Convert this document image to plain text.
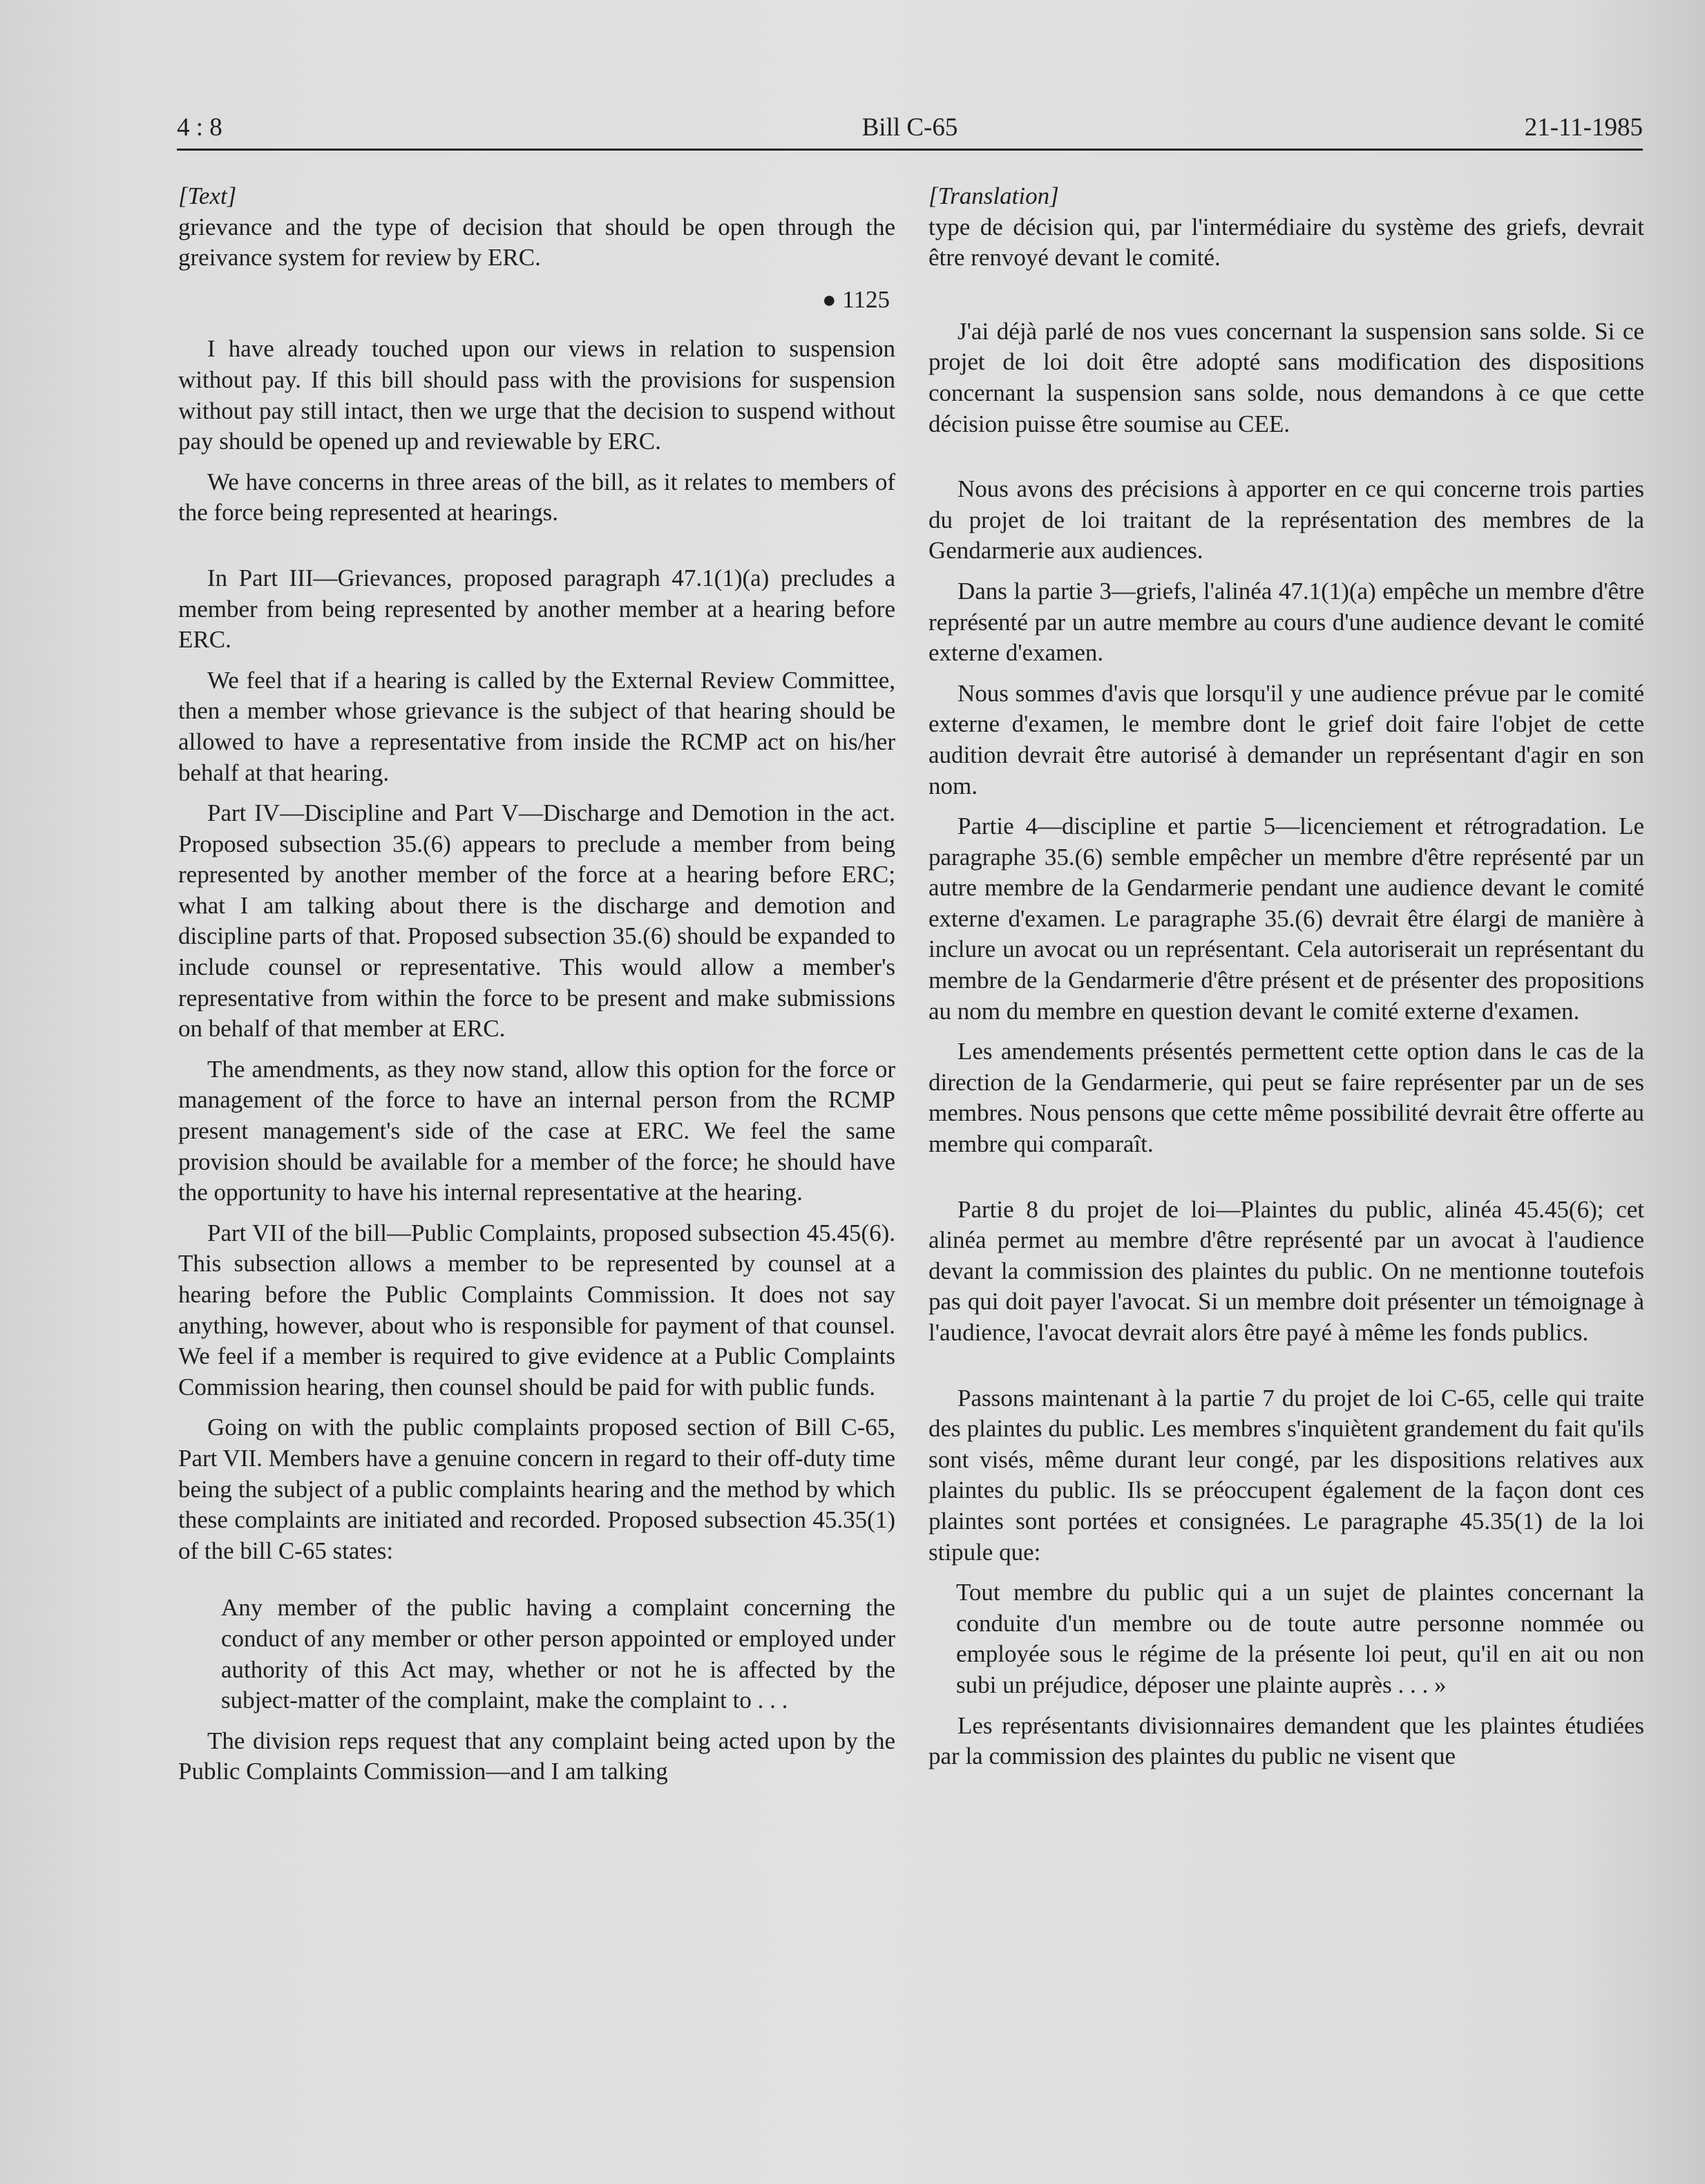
4 : 8	Bill C-65	21-11-1985
[Text]

grievance and the type of decision that should be open through the greivance system for review by ERC.

● 1125

I have already touched upon our views in relation to suspension without pay. If this bill should pass with the provisions for suspension without pay still intact, then we urge that the decision to suspend without pay should be opened up and reviewable by ERC.

We have concerns in three areas of the bill, as it relates to members of the force being represented at hearings.

In Part III—Grievances, proposed paragraph 47.1(1)(a) precludes a member from being represented by another member at a hearing before ERC.

We feel that if a hearing is called by the External Review Committee, then a member whose grievance is the subject of that hearing should be allowed to have a representative from inside the RCMP act on his/her behalf at that hearing.

Part IV—Discipline and Part V—Discharge and Demotion in the act. Proposed subsection 35.(6) appears to preclude a member from being represented by another member of the force at a hearing before ERC; what I am talking about there is the discharge and demotion and discipline parts of that. Proposed subsection 35.(6) should be expanded to include counsel or representative. This would allow a member's representative from within the force to be present and make submissions on behalf of that member at ERC.

The amendments, as they now stand, allow this option for the force or management of the force to have an internal person from the RCMP present management's side of the case at ERC. We feel the same provision should be available for a member of the force; he should have the opportunity to have his internal representative at the hearing.

Part VII of the bill—Public Complaints, proposed subsection 45.45(6). This subsection allows a member to be represented by counsel at a hearing before the Public Complaints Commission. It does not say anything, however, about who is responsible for payment of that counsel. We feel if a member is required to give evidence at a Public Complaints Commission hearing, then counsel should be paid for with public funds.

Going on with the public complaints proposed section of Bill C-65, Part VII. Members have a genuine concern in regard to their off-duty time being the subject of a public complaints hearing and the method by which these complaints are initiated and recorded. Proposed subsection 45.35(1) of the bill C-65 states:

Any member of the public having a complaint concerning the conduct of any member or other person appointed or employed under authority of this Act may, whether or not he is affected by the subject-matter of the complaint, make the complaint to . . .

The division reps request that any complaint being acted upon by the Public Complaints Commission—and I am talking

[Translation]

type de décision qui, par l'intermédiaire du système des griefs, devrait être renvoyé devant le comité.

J'ai déjà parlé de nos vues concernant la suspension sans solde. Si ce projet de loi doit être adopté sans modification des dispositions concernant la suspension sans solde, nous demandons à ce que cette décision puisse être soumise au CEE.

Nous avons des précisions à apporter en ce qui concerne trois parties du projet de loi traitant de la représentation des membres de la Gendarmerie aux audiences.

Dans la partie 3—griefs, l'alinéa 47.1(1)(a) empêche un membre d'être représenté par un autre membre au cours d'une audience devant le comité externe d'examen.

Nous sommes d'avis que lorsqu'il y une audience prévue par le comité externe d'examen, le membre dont le grief doit faire l'objet de cette audition devrait être autorisé à demander un représentant d'agir en son nom.

Partie 4—discipline et partie 5—licenciement et rétrogradation. Le paragraphe 35.(6) semble empêcher un membre d'être représenté par un autre membre de la Gendarmerie pendant une audience devant le comité externe d'examen. Le paragraphe 35.(6) devrait être élargi de manière à inclure un avocat ou un représentant. Cela autoriserait un représentant du membre de la Gendarmerie d'être présent et de présenter des propositions au nom du membre en question devant le comité externe d'examen.

Les amendements présentés permettent cette option dans le cas de la direction de la Gendarmerie, qui peut se faire représenter par un de ses membres. Nous pensons que cette même possibilité devrait être offerte au membre qui comparaît.

Partie 8 du projet de loi—Plaintes du public, alinéa 45.45(6); cet alinéa permet au membre d'être représenté par un avocat à l'audience devant la commission des plaintes du public. On ne mentionne toutefois pas qui doit payer l'avocat. Si un membre doit présenter un témoignage à l'audience, l'avocat devrait alors être payé à même les fonds publics.

Passons maintenant à la partie 7 du projet de loi C-65, celle qui traite des plaintes du public. Les membres s'inquiètent grandement du fait qu'ils sont visés, même durant leur congé, par les dispositions relatives aux plaintes du public. Ils se préoccupent également de la façon dont ces plaintes sont portées et consignées. Le paragraphe 45.35(1) de la loi stipule que:

Tout membre du public qui a un sujet de plaintes concernant la conduite d'un membre ou de toute autre personne nommée ou employée sous le régime de la présente loi peut, qu'il en ait ou non subi un préjudice, déposer une plainte auprès . . . »

Les représentants divisionnaires demandent que les plaintes étudiées par la commission des plaintes du public ne visent que
